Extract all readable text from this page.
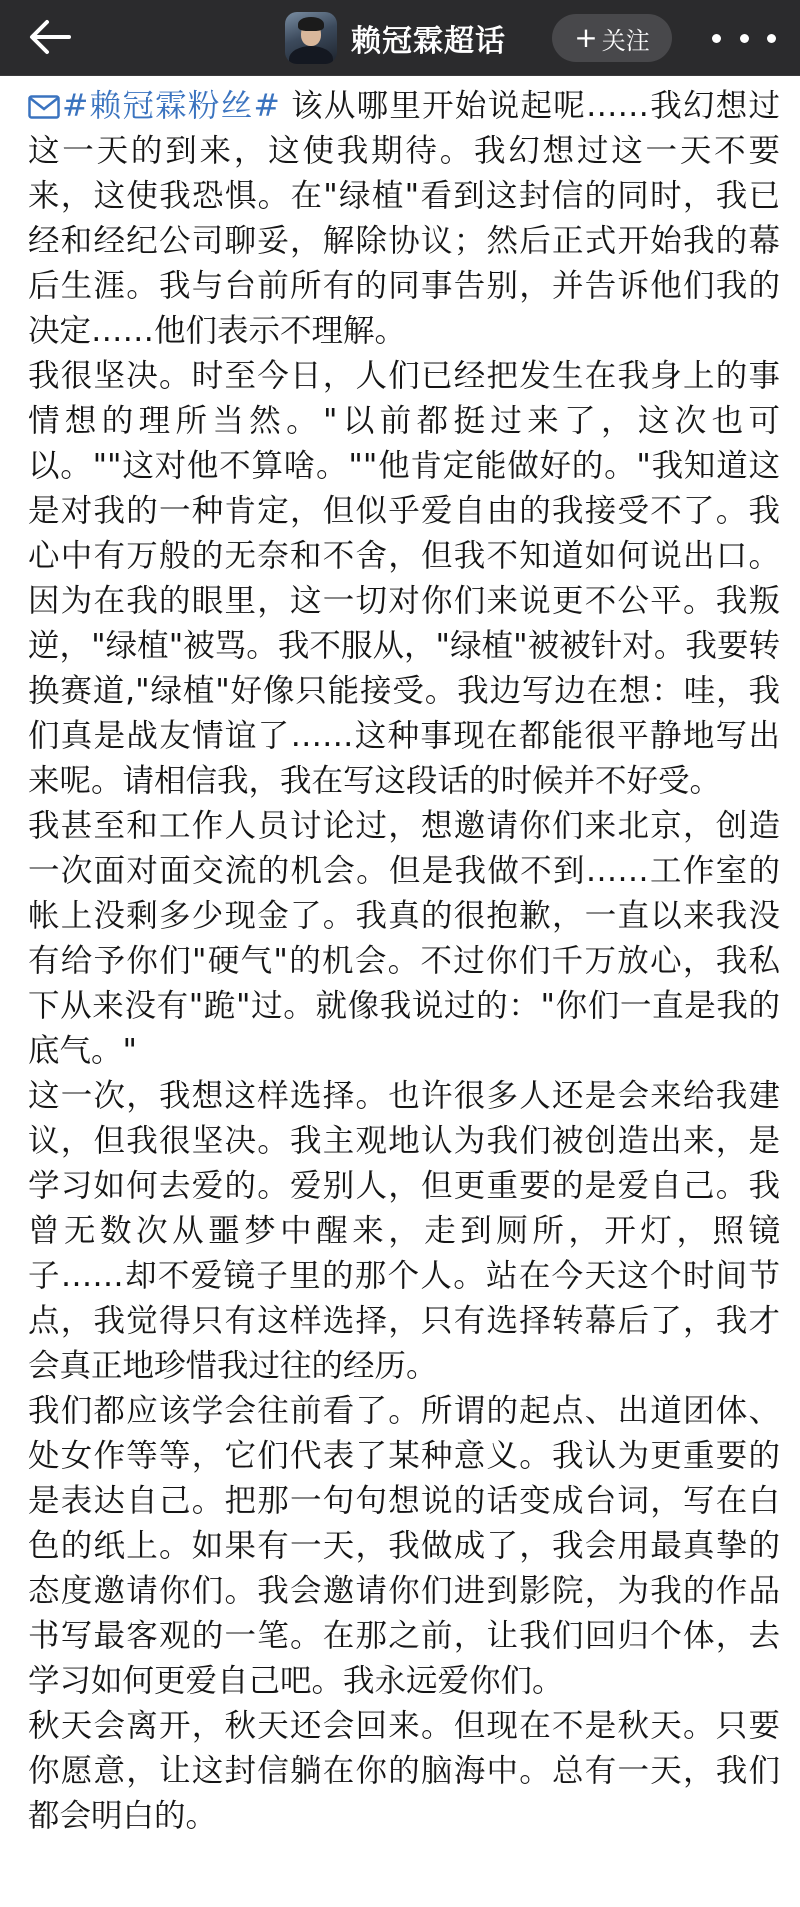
赖冠霖超话 + 关注

#赖冠霖粉丝# 该从哪里开始说起呢……我幻想过这一天的到来，这使我期待。我幻想过这一天不要来，这使我恐惧。在"绿植"看到这封信的同时，我已经和经纪公司聊妥，解除协议；然后正式开始我的幕后生涯。我与台前所有的同事告别，并告诉他们我的决定……他们表示不理解。

我很坚决。时至今日，人们已经把发生在我身上的事情想的理所当然。"以前都挺过来了，这次也可以。""这对他不算啥。""他肯定能做好的。"我知道这是对我的一种肯定，但似乎爱自由的我接受不了。我心中有万般的无奈和不舍，但我不知道如何说出口。因为在我的眼里，这一切对你们来说更不公平。我叛逆，"绿植"被骂。我不服从，"绿植"被被针对。我要转换赛道,"绿植"好像只能接受。我边写边在想：哇，我们真是战友情谊了……这种事现在都能很平静地写出来呢。请相信我，我在写这段话的时候并不好受。

我甚至和工作人员讨论过，想邀请你们来北京，创造一次面对面交流的机会。但是我做不到……工作室的帐上没剩多少现金了。我真的很抱歉，一直以来我没有给予你们"硬气"的机会。不过你们千万放心，我私下从来没有"跪"过。就像我说过的："你们一直是我的底气。"

这一次，我想这样选择。也许很多人还是会来给我建议，但我很坚决。我主观地认为我们被创造出来，是学习如何去爱的。爱别人，但更重要的是爱自己。我曾无数次从噩梦中醒来，走到厕所，开灯，照镜子……却不爱镜子里的那个人。站在今天这个时间节点，我觉得只有这样选择，只有选择转幕后了，我才会真正地珍惜我过往的经历。

我们都应该学会往前看了。所谓的起点、出道团体、处女作等等，它们代表了某种意义。我认为更重要的是表达自己。把那一句句想说的话变成台词，写在白色的纸上。如果有一天，我做成了，我会用最真挚的态度邀请你们。我会邀请你们进到影院，为我的作品书写最客观的一笔。在那之前，让我们回归个体，去学习如何更爱自己吧。我永远爱你们。

秋天会离开，秋天还会回来。但现在不是秋天。只要你愿意，让这封信躺在你的脑海中。总有一天，我们都会明白的。
